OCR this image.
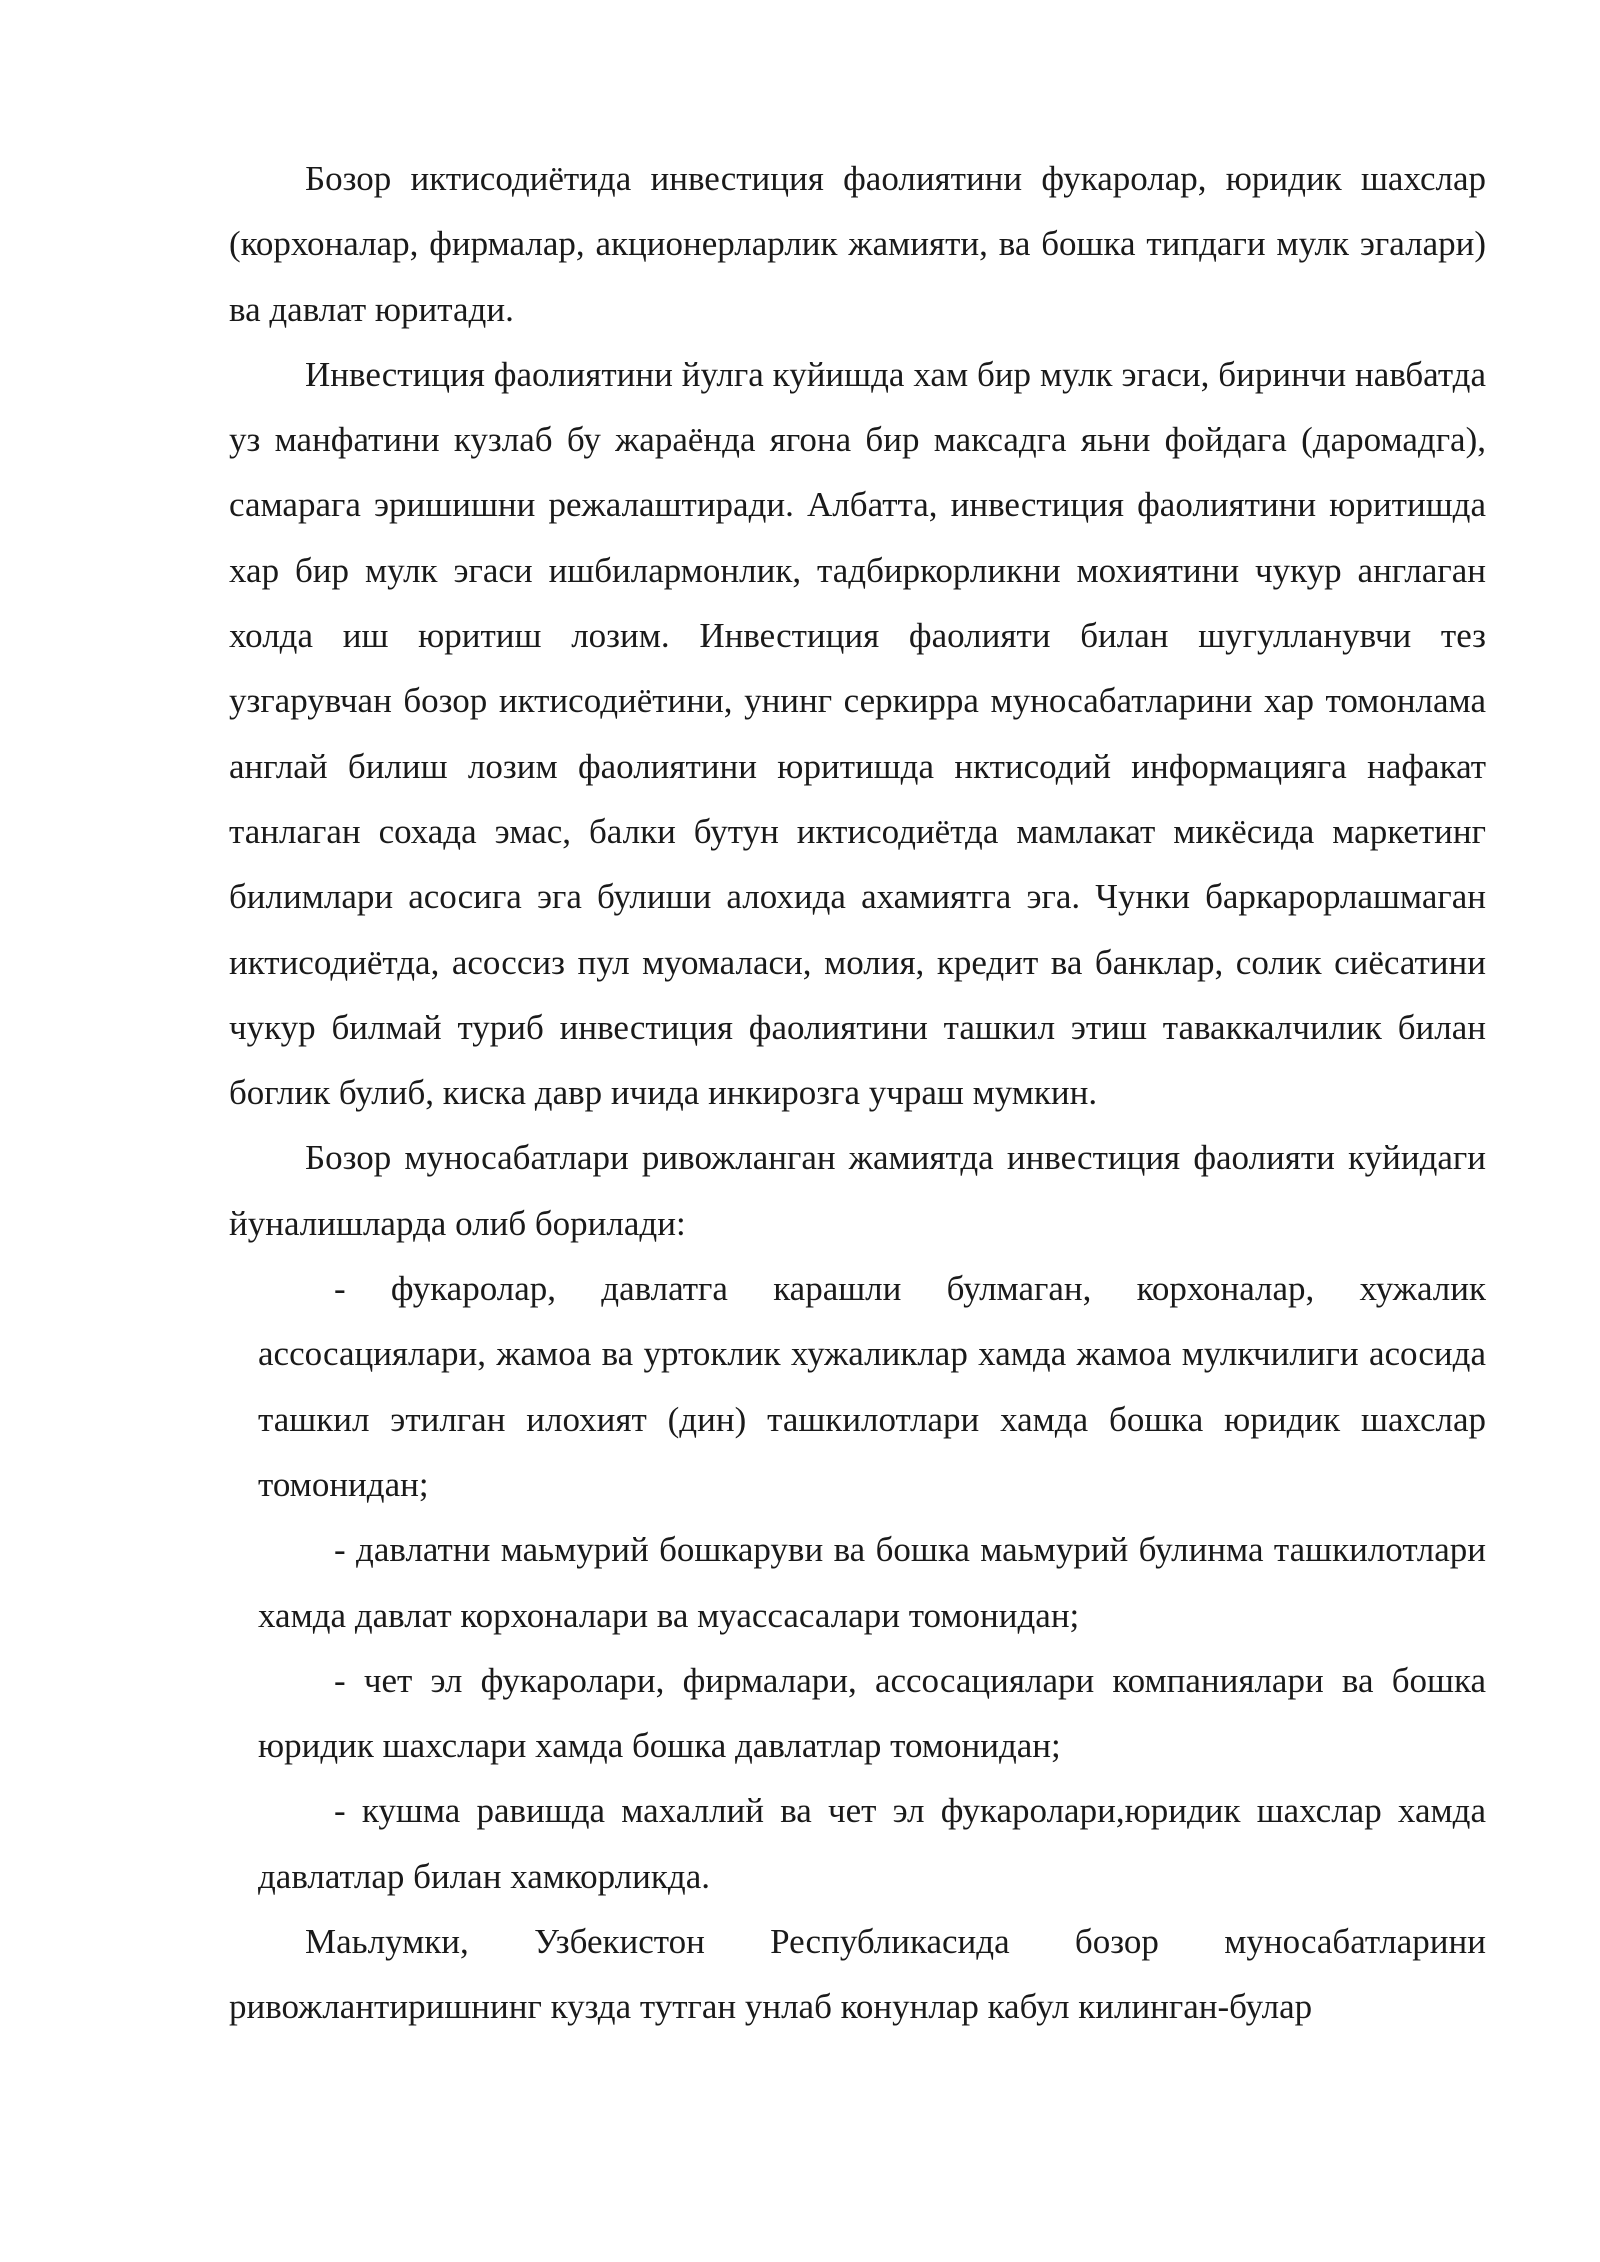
Бозор иктисодиётида инвестиция фаолиятини фукаролар, юридик шахслар (корхоналар, фирмалар, акционерларлик жамияти, ва бошка типдаги мулк эгалари) ва давлат юритади.

Инвестиция фаолиятини йулга куйишда хам бир мулк эгаси, биринчи навбатда уз манфатини кузлаб бу жараёнда ягона бир максадга яьни фойдага (даромадга), самарага эришишни режалаштиради. Албатта, инвестиция фаолиятини юритишда хар бир мулк эгаси ишбилармонлик, тадбиркорликни мохиятини чукур англаган холда иш юритиш лозим. Инвестиция фаолияти билан шугулланувчи тез узгарувчан бозор иктисодиётини, унинг серкирра муносабатларини хар томонлама англай билиш лозим фаолиятини юритишда нктисодий информацияга нафакат танлаган сохада эмас, балки бутун иктисодиётда мамлакат микёсида маркетинг билимлари асосига эга булиши алохида ахамиятга эга. Чунки баркарорлашмаган иктисодиётда, асоссиз пул муомаласи, молия, кредит ва банклар, солик сиёсатини чукур билмай туриб инвестиция фаолиятини ташкил этиш таваккалчилик билан боглик булиб, киска давр ичида инкирозга учраш мумкин.

Бозор муносабатлари ривожланган жамиятда инвестиция фаолияти куйидаги йуналишларда олиб борилади:

- фукаролар, давлатга карашли булмаган, корхоналар, хужалик ассосациялари, жамоа ва уртоклик хужаликлар хамда жамоа мулкчилиги асосида ташкил этилган илохият (дин) ташкилотлари хамда бошка юридик шахслар томонидан;

- давлатни маьмурий бошкаруви ва бошка маьмурий булинма ташкилотлари хамда давлат корхоналари ва муассасалари томонидан;

- чет эл фукаролари, фирмалари, ассосациялари компаниялари ва бошка юридик шахслари хамда бошка давлатлар томонидан;

- кушма равишда махаллий ва чет эл фукаролари,юридик шахслар хамда давлатлар билан хамкорликда.

Маьлумки, Узбекистон Республикасида бозор муносабатларини ривожлантиришнинг кузда тутган унлаб конунлар кабул килинган-булар
